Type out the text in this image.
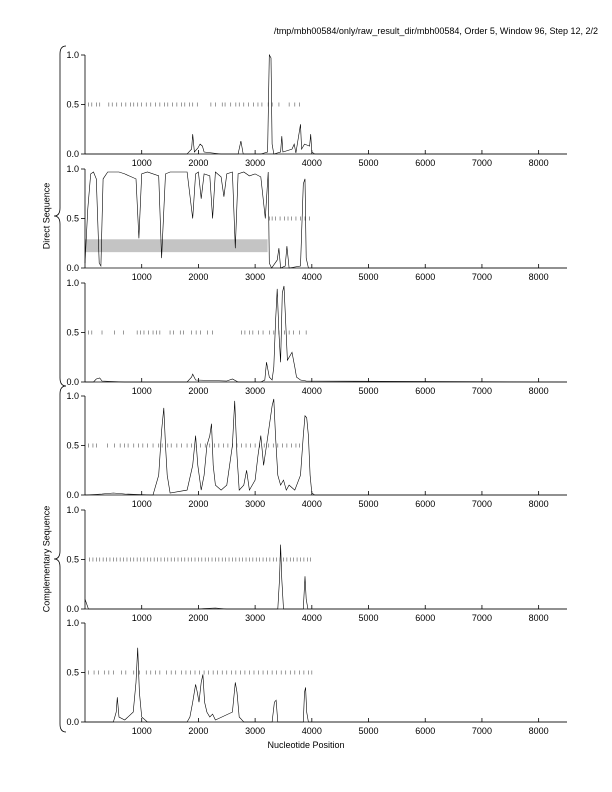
/tmp/mbh00584/only/raw_result_dir/mbh00584, Order 5, Window 96, Step 12, 2/2
0.0
0.5
1.0
1000	2000	3000	4000	5000	6000	7000	8000
0.0
0.5
1.0
1000	2000	3000	4000	5000	6000	7000	8000
0.0
0.5
1.0
1000	2000	3000	4000	5000	6000	7000	8000
0.0
0.5
1.0
1000	2000	3000	4000	5000	6000	7000	8000
0.0
0.5
1.0
1000	2000	3000	4000	5000	6000	7000	8000
0.0
0.5
1.0
1000	2000	3000	4000	5000	6000	7000	8000
Direct Sequence
Complementary Sequence
Nucleotide Position
